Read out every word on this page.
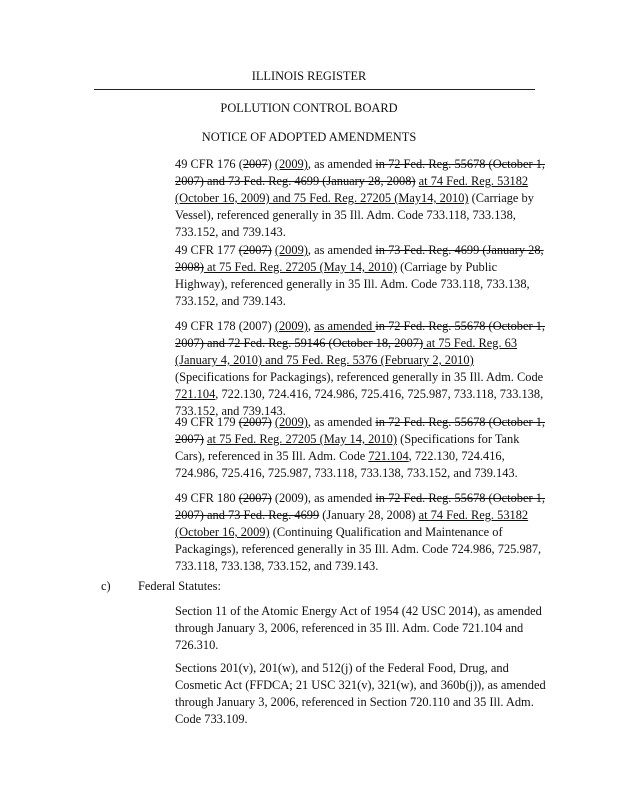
ILLINOIS REGISTER
POLLUTION CONTROL BOARD
NOTICE OF ADOPTED AMENDMENTS
49 CFR 176 (2007) (2009), as amended in 72 Fed. Reg. 55678 (October 1,
2007) and 73 Fed. Reg. 4699 (January 28, 2008) at 74 Fed. Reg. 53182
(October 16, 2009) and 75 Fed. Reg. 27205 (May14, 2010) (Carriage by
Vessel), referenced generally in 35 Ill. Adm. Code 733.118, 733.138,
733.152, and 739.143.
49 CFR 177 (2007) (2009), as amended in 73 Fed. Reg. 4699 (January 28,
2008) at 75 Fed. Reg. 27205 (May 14, 2010) (Carriage by Public
Highway), referenced generally in 35 Ill. Adm. Code 733.118, 733.138,
733.152, and 739.143.
49 CFR 178 (2007) (2009), as amended in 72 Fed. Reg. 55678 (October 1,
2007) and 72 Fed. Reg. 59146 (October 18, 2007) at 75 Fed. Reg. 63
(January 4, 2010) and 75 Fed. Reg. 5376 (February 2, 2010)
(Specifications for Packagings), referenced generally in 35 Ill. Adm. Code
721.104, 722.130, 724.416, 724.986, 725.416, 725.987, 733.118, 733.138,
733.152, and 739.143.
49 CFR 179 (2007) (2009), as amended in 72 Fed. Reg. 55678 (October 1,
2007) at 75 Fed. Reg. 27205 (May 14, 2010) (Specifications for Tank
Cars), referenced in 35 Ill. Adm. Code 721.104, 722.130, 724.416,
724.986, 725.416, 725.987, 733.118, 733.138, 733.152, and 739.143.
49 CFR 180 (2007) (2009), as amended in 72 Fed. Reg. 55678 (October 1,
2007) and 73 Fed. Reg. 4699 (January 28, 2008) at 74 Fed. Reg. 53182
(October 16, 2009) (Continuing Qualification and Maintenance of
Packagings), referenced generally in 35 Ill. Adm. Code 724.986, 725.987,
733.118, 733.138, 733.152, and 739.143.
c) Federal Statutes:
Section 11 of the Atomic Energy Act of 1954 (42 USC 2014), as amended
through January 3, 2006, referenced in 35 Ill. Adm. Code 721.104 and
726.310.
Sections 201(v), 201(w), and 512(j) of the Federal Food, Drug, and
Cosmetic Act (FFDCA; 21 USC 321(v), 321(w), and 360b(j)), as amended
through January 3, 2006, referenced in Section 720.110 and 35 Ill. Adm.
Code 733.109.
